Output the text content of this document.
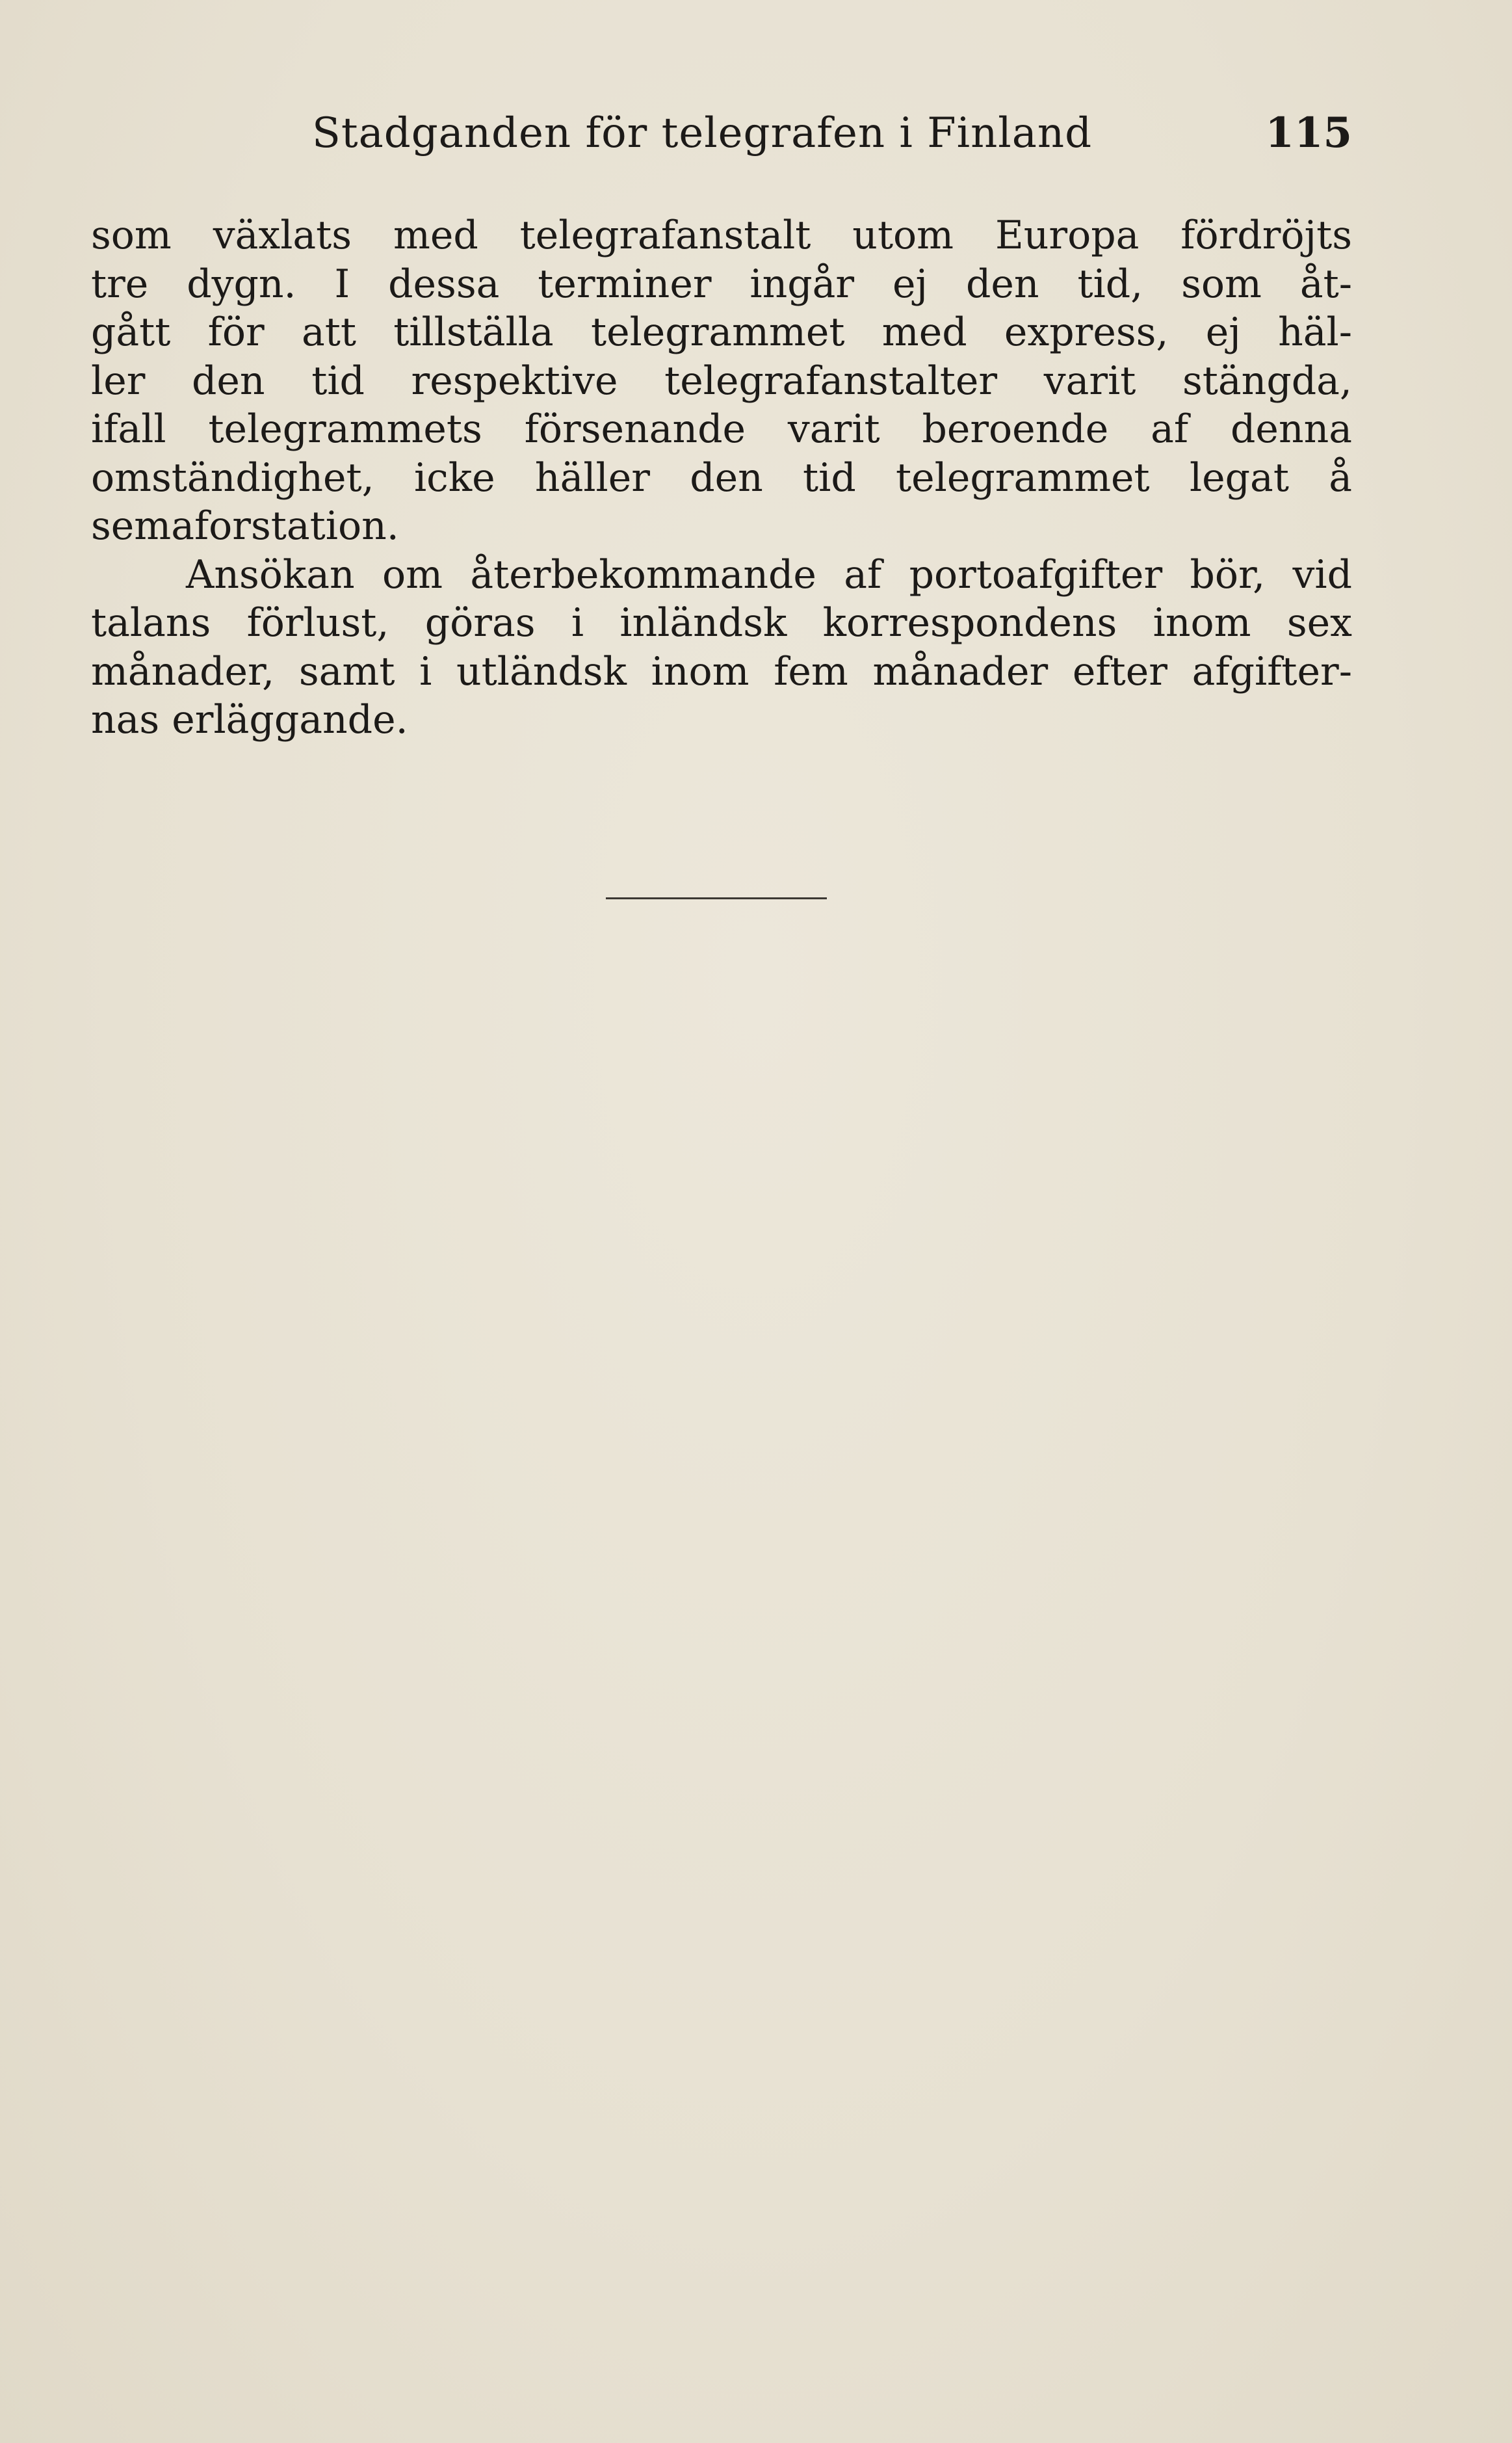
Stadganden för telegrafen i Finland	115
som växlats med telegrafanstalt utom Europa fördröjts
tre dygn. I dessa terminer ingår ej den tid, som åt-
gått för att tillställa telegrammet med express, ej häl-
ler den tid respektive telegrafanstalter varit stängda,
ifall telegrammets försenande varit beroende af denna
omständighet, icke häller den tid telegrammet legat å
semaforstation.
Ansökan om återbekommande af portoafgifter bör, vid
talans förlust, göras i inländsk korrespondens inom sex
månader, samt i utländsk inom fem månader efter afgifter-
nas erläggande.
